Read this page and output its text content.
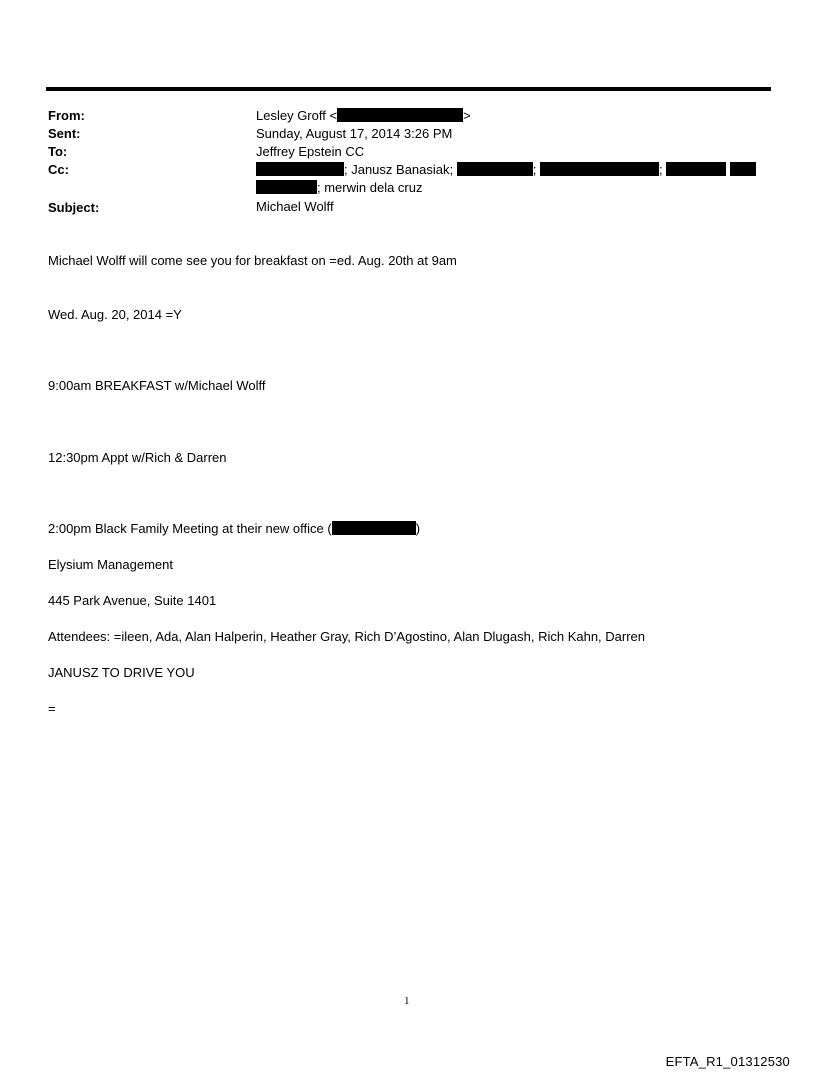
From:	Lesley Groff <	>
Sent:	Sunday, August 17, 2014 3:26 PM
To:	Jeffrey Epstein CC
Cc:	; Janusz Banasiak;	;	;
; merwin dela cruz
Subject:	Michael Wolff
Michael Wolff will come see you for breakfast on =ed. Aug. 20th at 9am
Wed. Aug. 20, 2014 =Y
9:00am BREAKFAST w/Michael Wolff
12:30pm Appt w/Rich & Darren
2:00pm Black Family Meeting at their new office (	)
Elysium Management
445 Park Avenue, Suite 1401
Attendees: =ileen, Ada, Alan Halperin, Heather Gray, Rich D’Agostino, Alan Dlugash, Rich Kahn, Darren
JANUSZ TO DRIVE YOU
=
1
EFTA_R1_01312530
